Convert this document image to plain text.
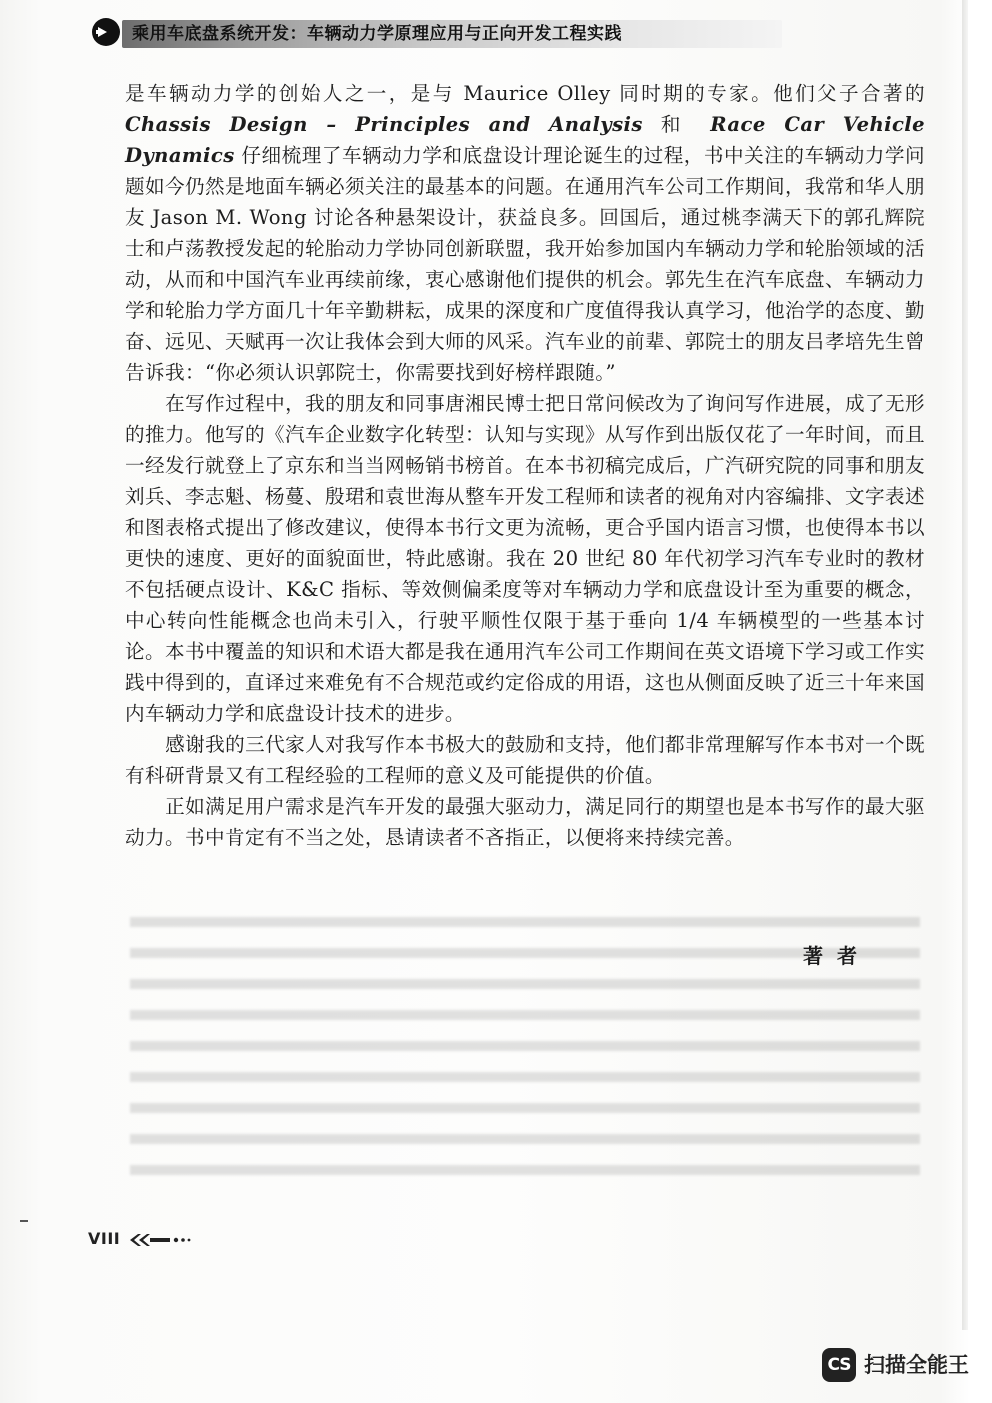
乘用车底盘系统开发：车辆动力学原理应用与正向开发工程实践

是车辆动力学的创始人之一，是与 Maurice Olley 同时期的专家。他们父子合著的Chassis Design – Principles and Analysis 和 Race Car Vehicle Dynamics 仔细梳理了车辆动力学和底盘设计理论诞生的过程，书中关注的车辆动力学问题如今仍然是地面车辆必须关注的最基本的问题。在通用汽车公司工作期间，我常和华人朋友 Jason M. Wong 讨论各种悬架设计，获益良多。回国后，通过桃李满天下的郭孔辉院士和卢荡教授发起的轮胎动力学协同创新联盟，我开始参加国内车辆动力学和轮胎领域的活动，从而和中国汽车业再续前缘，衷心感谢他们提供的机会。郭先生在汽车底盘、车辆动力学和轮胎力学方面几十年辛勤耕耘，成果的深度和广度值得我认真学习，他治学的态度、勤奋、远见、天赋再一次让我体会到大师的风采。汽车业的前辈、郭院士的朋友吕孝培先生曾告诉我：“你必须认识郭院士，你需要找到好榜样跟随。”

在写作过程中，我的朋友和同事唐湘民博士把日常问候改为了询问写作进展，成了无形的推力。他写的《汽车企业数字化转型：认知与实现》从写作到出版仅花了一年时间，而且一经发行就登上了京东和当当网畅销书榜首。在本书初稿完成后，广汽研究院的同事和朋友刘兵、李志魁、杨蔓、殷珺和袁世海从整车开发工程师和读者的视角对内容编排、文字表述和图表格式提出了修改建议，使得本书行文更为流畅，更合乎国内语言习惯，也使得本书以更快的速度、更好的面貌面世，特此感谢。我在 20 世纪 80 年代初学习汽车专业时的教材不包括硬点设计、K&C 指标、等效侧偏柔度等对车辆动力学和底盘设计至为重要的概念，中心转向性能概念也尚未引入，行驶平顺性仅限于基于垂向 1/4 车辆模型的一些基本讨论。本书中覆盖的知识和术语大都是我在通用汽车公司工作期间在英文语境下学习或工作实践中得到的，直译过来难免有不合规范或约定俗成的用语，这也从侧面反映了近三十年来国内车辆动力学和底盘设计技术的进步。

感谢我的三代家人对我写作本书极大的鼓励和支持，他们都非常理解写作本书对一个既有科研背景又有工程经验的工程师的意义及可能提供的价值。

正如满足用户需求是汽车开发的最强大驱动力，满足同行的期望也是本书写作的最大驱动力。书中肯定有不当之处，恳请读者不吝指正，以便将来持续完善。

著者
VIII
CS 扫描全能王
